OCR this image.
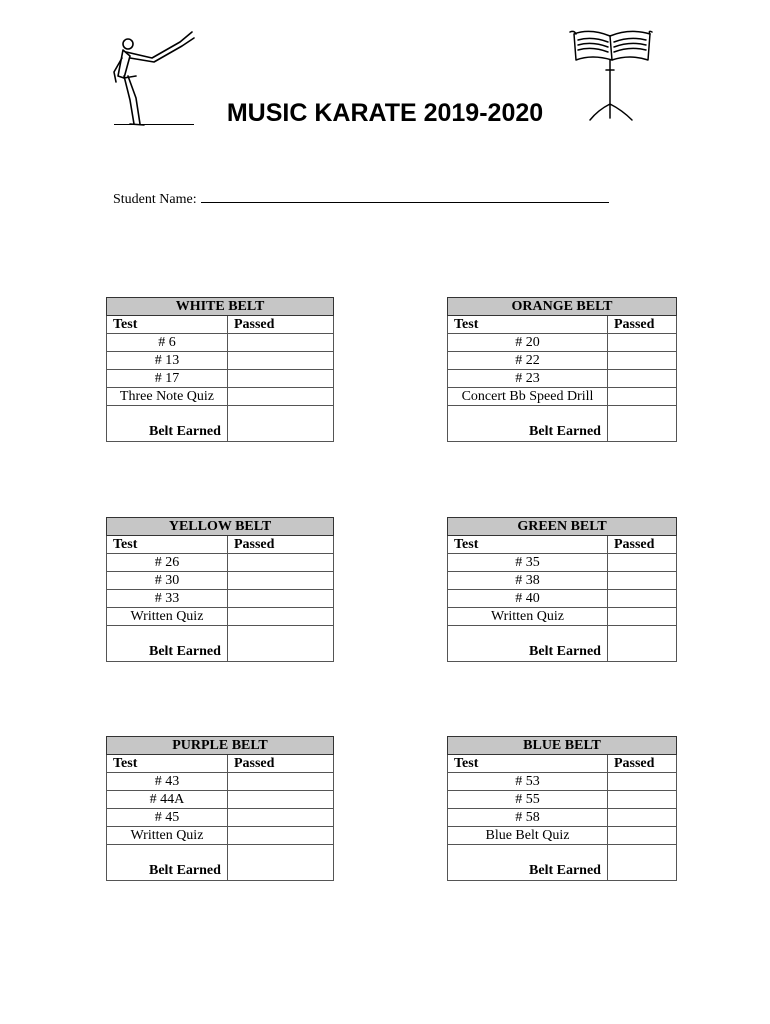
MUSIC KARATE 2019-2020
Student Name:
WHITE BELT	
Test	Passed
# 6	
# 13	
# 17	
Three Note Quiz	
Belt Earned	
ORANGE BELT	
Test	Passed
# 20	
# 22	
# 23	
Concert Bb Speed Drill	
Belt Earned	
YELLOW BELT	
Test	Passed
# 26	
# 30	
# 33	
Written Quiz	
Belt Earned	
GREEN BELT	
Test	Passed
# 35	
# 38	
# 40	
Written Quiz	
Belt Earned	
PURPLE BELT	
Test	Passed
# 43	
# 44A	
# 45	
Written Quiz	
Belt Earned	
BLUE BELT	
Test	Passed
# 53	
# 55	
# 58	
Blue Belt Quiz	
Belt Earned	
